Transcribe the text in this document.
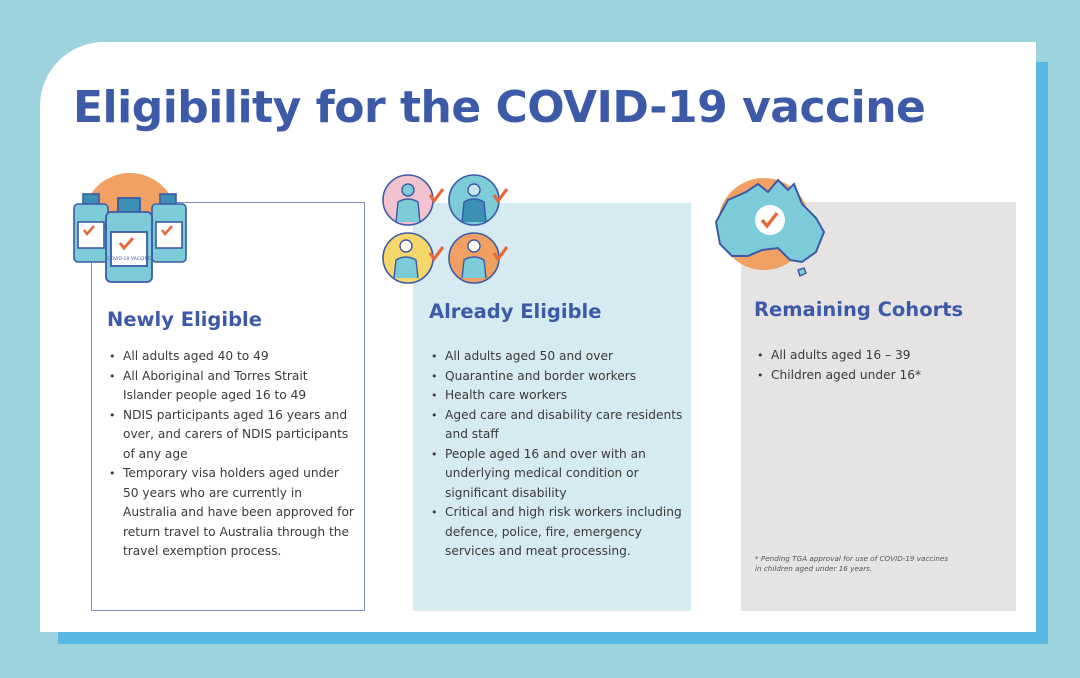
Eligibility for the COVID-19 vaccine
Newly Eligible
• All adults aged 40 to 49
• All Aboriginal and Torres Strait Islander people aged 16 to 49
• NDIS participants aged 16 years and over, and carers of NDIS participants of any age
• Temporary visa holders aged under 50 years who are currently in Australia and have been approved for return travel to Australia through the travel exemption process.
Already Eligible
• All adults aged 50 and over
• Quarantine and border workers
• Health care workers
• Aged care and disability care residents and staff
• People aged 16 and over with an underlying medical condition or significant disability
• Critical and high risk workers including defence, police, fire, emergency services and meat processing.
Remaining Cohorts
• All adults aged 16 – 39
• Children aged under 16*
* Pending TGA approval for use of COVID-19 vaccines in children aged under 16 years.
COVID-19 VACCINE
